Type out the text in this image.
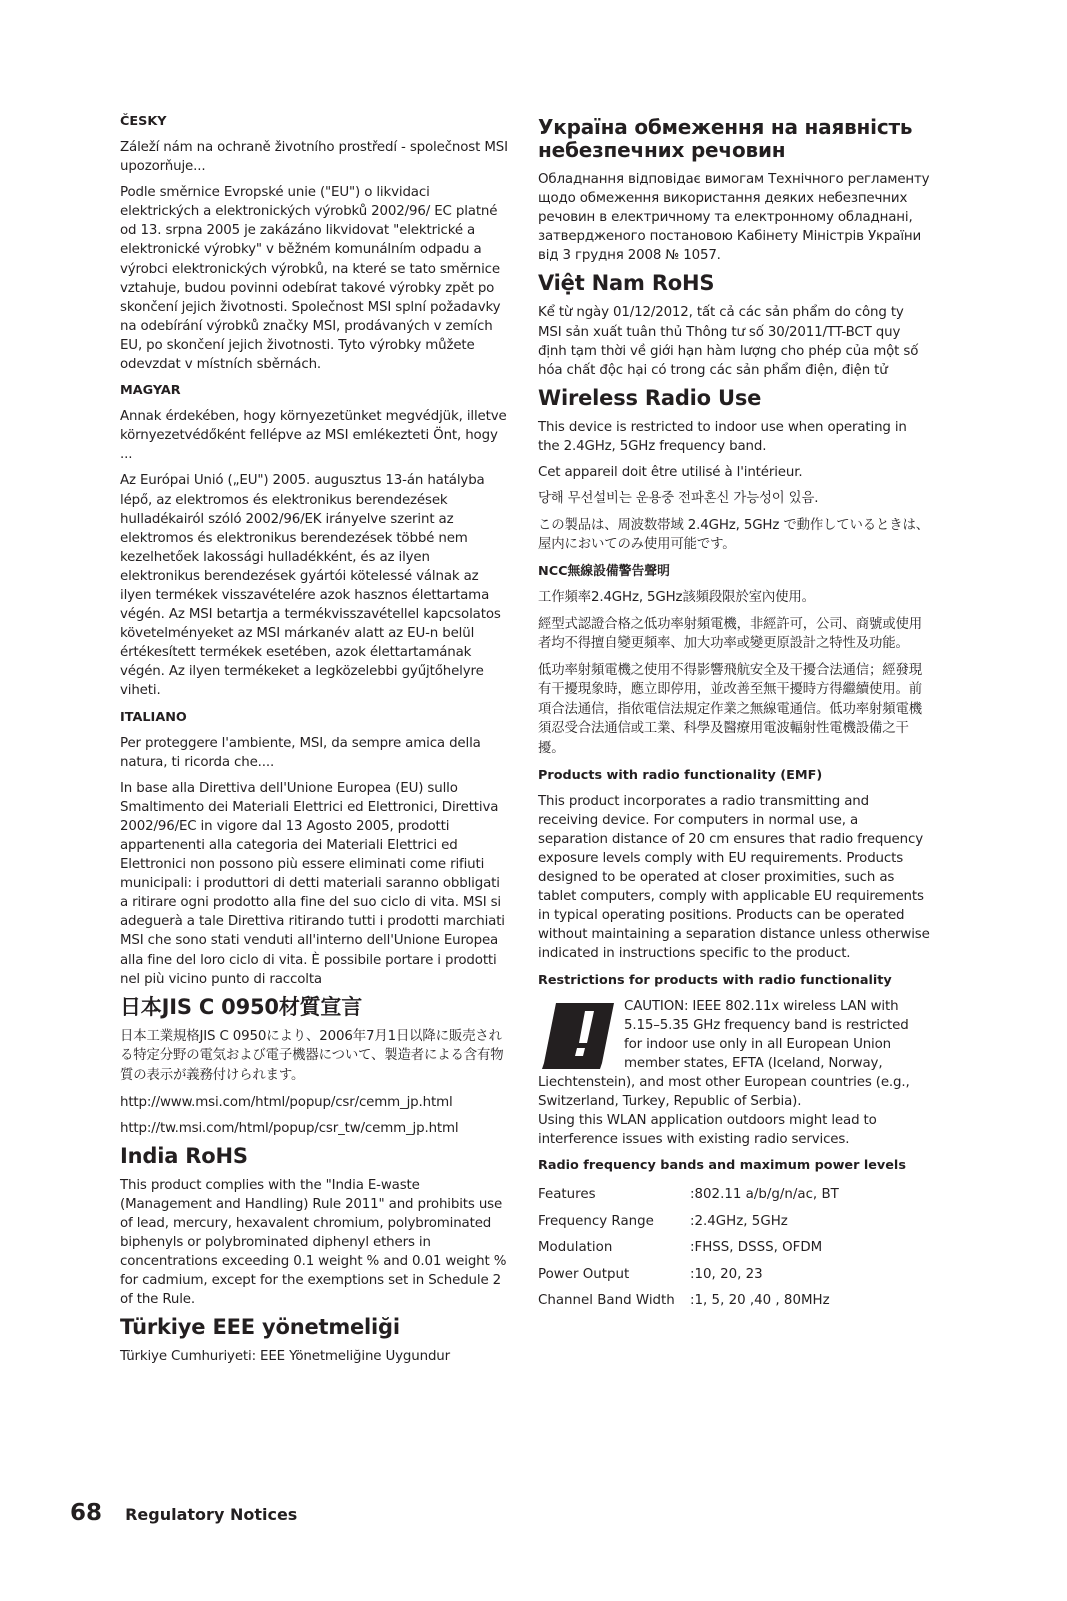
ČESKY
Záleží nám na ochraně životního prostředí - společnost MSI upozorňuje...
Podle směrnice Evropské unie ("EU") o likvidaci elektrických a elektronických výrobků 2002/96/ EC platné od 13. srpna 2005 je zakázáno likvidovat "elektrické a elektronické výrobky" v běžném komunálním odpadu a výrobci elektronických výrobků, na které se tato směrnice vztahuje, budou povinni odebírat takové výrobky zpět po skončení jejich životnosti. Společnost MSI splní požadavky na odebírání výrobků značky MSI, prodávaných v zemích EU, po skončení jejich životnosti. Tyto výrobky můžete odevzdat v místních sběrnách.
MAGYAR
Annak érdekében, hogy környezetünket megvédjük, illetve környezetvédőként fellépve az MSI emlékezteti Önt, hogy ...
Az Európai Unió („EU") 2005. augusztus 13-án hatályba lépő, az elektromos és elektronikus berendezések hulladékairól szóló 2002/96/EK irányelve szerint az elektromos és elektronikus berendezések többé nem kezelhetőek lakossági hulladékként, és az ilyen elektronikus berendezések gyártói kötelessé válnak az ilyen termékek visszavételére azok hasznos élettartama végén. Az MSI betartja a termékvisszavétellel kapcsolatos követelményeket az MSI márkanév alatt az EU-n belül értékesített termékek esetében, azok élettartamának végén. Az ilyen termékeket a legközelebbi gyűjtőhelyre viheti.
ITALIANO
Per proteggere l'ambiente, MSI, da sempre amica della natura, ti ricorda che....
In base alla Direttiva dell'Unione Europea (EU) sullo Smaltimento dei Materiali Elettrici ed Elettronici, Direttiva 2002/96/EC in vigore dal 13 Agosto 2005, prodotti appartenenti alla categoria dei Materiali Elettrici ed Elettronici non possono più essere eliminati come rifiuti municipali: i produttori di detti materiali saranno obbligati a ritirare ogni prodotto alla fine del suo ciclo di vita. MSI si adeguerà a tale Direttiva ritirando tutti i prodotti marchiati MSI che sono stati venduti all'interno dell'Unione Europea alla fine del loro ciclo di vita. È possibile portare i prodotti nel più vicino punto di raccolta
日本JIS C 0950材質宣言
日本工業規格JIS C 0950により、2006年7月1日以降に販売される特定分野の電気および電子機器について、製造者による含有物質の表示が義務付けられます。
http://www.msi.com/html/popup/csr/cemm_jp.html
http://tw.msi.com/html/popup/csr_tw/cemm_jp.html
India RoHS
This product complies with the "India E-waste (Management and Handling) Rule 2011" and prohibits use of lead, mercury, hexavalent chromium, polybrominated biphenyls or polybrominated diphenyl ethers in concentrations exceeding 0.1 weight % and 0.01 weight % for cadmium, except for the exemptions set in Schedule 2 of the Rule.
Türkiye EEE yönetmeliği
Türkiye Cumhuriyeti: EEE Yönetmeliğine Uygundur
Україна обмеження на наявність небезпечних речовин
Обладнання відповідає вимогам Технічного регламенту щодо обмеження використання деяких небезпечних речовин в електричному та електронному обладнані, затвердженого постановою Кабінету Міністрів України від 3 грудня 2008 № 1057.
Việt Nam RoHS
Kể từ ngày 01/12/2012, tất cả các sản phẩm do công ty MSI sản xuất tuân thủ Thông tư số 30/2011/TT-BCT quy định tạm thời về giới hạn hàm lượng cho phép của một số hóa chất độc hại có trong các sản phẩm điện, điện tử
Wireless Radio Use
This device is restricted to indoor use when operating in the 2.4GHz, 5GHz frequency band.
Cet appareil doit être utilisé à l'intérieur.
당해 무선설비는 운용중 전파혼신 가능성이 있음.
この製品は、周波数帯域 2.4GHz, 5GHz で動作しているときは、屋内においてのみ使用可能です。
NCC無線設備警告聲明
工作頻率2.4GHz, 5GHz該頻段限於室內使用。
經型式認證合格之低功率射頻電機，非經許可，公司、商號或使用者均不得擅自變更頻率、加大功率或變更原設計之特性及功能。
低功率射頻電機之使用不得影響飛航安全及干擾合法通信；經發現有干擾現象時，應立即停用，並改善至無干擾時方得繼續使用。前項合法通信，指依電信法規定作業之無線電通信。低功率射頻電機須忍受合法通信或工業、科學及醫療用電波輻射性電機設備之干擾。
Products with radio functionality (EMF)
This product incorporates a radio transmitting and receiving device. For computers in normal use, a separation distance of 20 cm ensures that radio frequency exposure levels comply with EU requirements. Products designed to be operated at closer proximities, such as tablet computers, comply with applicable EU requirements in typical operating positions. Products can be operated without maintaining a separation distance unless otherwise indicated in instructions specific to the product.
Restrictions for products with radio functionality
CAUTION: IEEE 802.11x wireless LAN with 5.15–5.35 GHz frequency band is restricted for indoor use only in all European Union member states, EFTA (Iceland, Norway, Liechtenstein), and most other European countries (e.g., Switzerland, Turkey, Republic of Serbia).
Using this WLAN application outdoors might lead to interference issues with existing radio services.
Radio frequency bands and maximum power levels
Features	:802.11 a/b/g/n/ac, BT
Frequency Range	:2.4GHz, 5GHz
Modulation	:FHSS, DSSS, OFDM
Power Output	:10, 20, 23
Channel Band Width	:1, 5, 20 ,40 , 80MHz
68 Regulatory Notices
